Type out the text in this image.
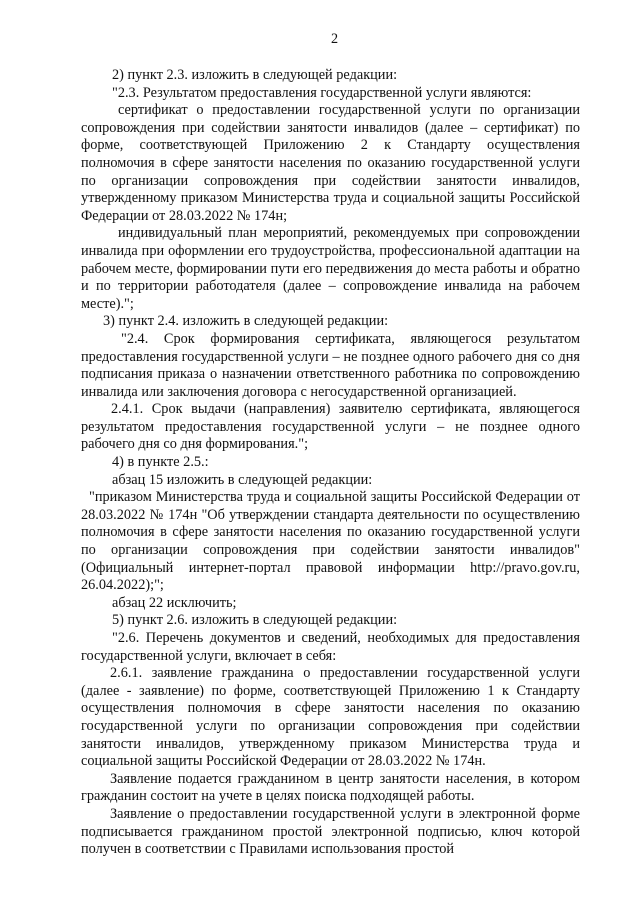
2

2) пункт 2.3. изложить в следующей редакции:

"2.3. Результатом предоставления государственной услуги являются:

сертификат о предоставлении государственной услуги по организации сопровождения при содействии занятости инвалидов (далее – сертификат) по форме, соответствующей Приложению 2 к Стандарту осуществления полномочия в сфере занятости населения по оказанию государственной услуги по организации сопровождения при содействии занятости инвалидов, утвержденному приказом Министерства труда и социальной защиты Российской Федерации от 28.03.2022 № 174н;

индивидуальный план мероприятий, рекомендуемых при сопровождении инвалида при оформлении его трудоустройства, профессиональной адаптации на рабочем месте, формировании пути его передвижения до места работы и обратно и по территории работодателя (далее – сопровождение инвалида на рабочем месте).";

3) пункт 2.4. изложить в следующей редакции:

"2.4. Срок формирования сертификата, являющегося результатом предоставления государственной услуги – не позднее одного рабочего дня со дня подписания приказа о назначении ответственного работника по сопровождению инвалида или заключения договора с негосударственной организацией.

2.4.1. Срок выдачи (направления) заявителю сертификата, являющегося результатом предоставления государственной услуги – не позднее одного рабочего дня со дня формирования.";

4) в пункте 2.5.:

абзац 15 изложить в следующей редакции:

"приказом Министерства труда и социальной защиты Российской Федерации от 28.03.2022 № 174н "Об утверждении стандарта деятельности по осуществлению полномочия в сфере занятости населения по оказанию государственной услуги по организации сопровождения при содействии занятости инвалидов" (Официальный интернет-портал правовой информации http://pravo.gov.ru, 26.04.2022);";

абзац 22 исключить;

5) пункт 2.6. изложить в следующей редакции:

"2.6. Перечень документов и сведений, необходимых для предоставления государственной услуги, включает в себя:

2.6.1. заявление гражданина о предоставлении государственной услуги (далее - заявление) по форме, соответствующей Приложению 1 к Стандарту осуществления полномочия в сфере занятости населения по оказанию государственной услуги по организации сопровождения при содействии занятости инвалидов, утвержденному приказом Министерства труда и социальной защиты Российской Федерации от 28.03.2022 № 174н.

Заявление подается гражданином в центр занятости населения, в котором гражданин состоит на учете в целях поиска подходящей работы.

Заявление о предоставлении государственной услуги в электронной форме подписывается гражданином простой электронной подписью, ключ которой получен в соответствии с Правилами использования простой
